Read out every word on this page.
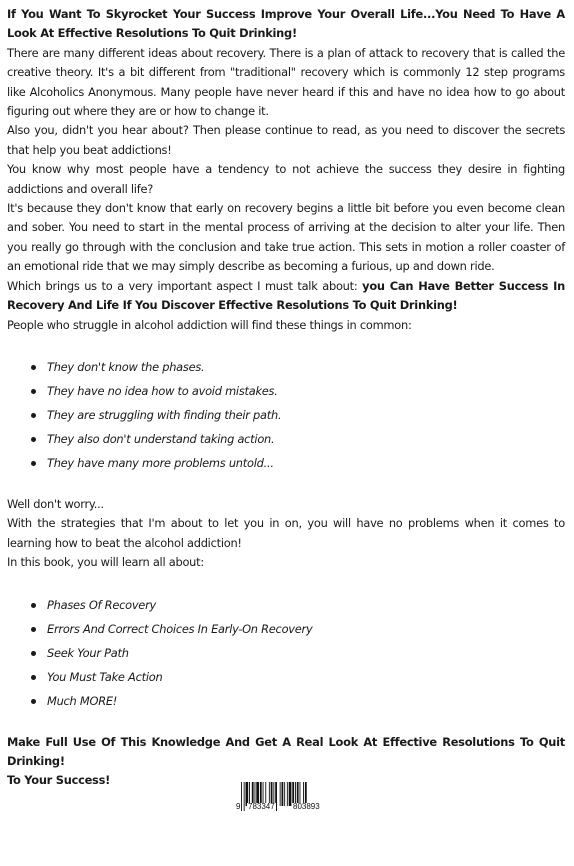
If You Want To Skyrocket Your Success Improve Your Overall Life...You Need To Have A Look At Effective Resolutions To Quit Drinking!

There are many different ideas about recovery. There is a plan of attack to recovery that is called the creative theory. It's a bit different from "traditional" recovery which is commonly 12 step programs like Alcoholics Anonymous. Many people have never heard if this and have no idea how to go about figuring out where they are or how to change it.

Also you, didn't you hear about? Then please continue to read, as you need to discover the secrets that help you beat addictions!

You know why most people have a tendency to not achieve the success they desire in fighting addictions and overall life?

It's because they don't know that early on recovery begins a little bit before you even become clean and sober. You need to start in the mental process of arriving at the decision to alter your life. Then you really go through with the conclusion and take true action. This sets in motion a roller coaster of an emotional ride that we may simply describe as becoming a furious, up and down ride.

Which brings us to a very important aspect I must talk about: you Can Have Better Success In Recovery And Life If You Discover Effective Resolutions To Quit Drinking!

People who struggle in alcohol addiction will find these things in common:

They don't know the phases.
They have no idea how to avoid mistakes.
They are struggling with finding their path.
They also don't understand taking action.
They have many more problems untold...

Well don't worry...

With the strategies that I'm about to let you in on, you will have no problems when it comes to learning how to beat the alcohol addiction!

In this book, you will learn all about:

Phases Of Recovery
Errors And Correct Choices In Early-On Recovery
Seek Your Path
You Must Take Action
Much MORE!

Make Full Use Of This Knowledge And Get A Real Look At Effective Resolutions To Quit Drinking!

To Your Success!

9 783347 803893
